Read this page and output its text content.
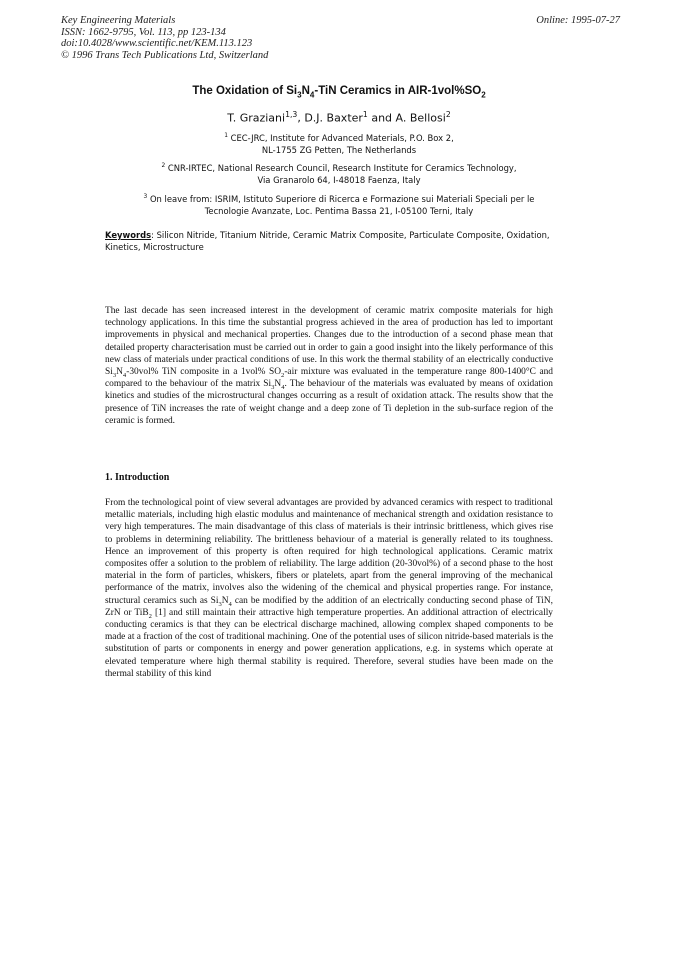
Key Engineering Materials
ISSN: 1662-9795, Vol. 113, pp 123-134
doi:10.4028/www.scientific.net/KEM.113.123
© 1996 Trans Tech Publications Ltd, Switzerland
Online: 1995-07-27
The Oxidation of $Si_3N_4$-TiN Ceramics in AIR-$1vol\%SO_2$
T. Graziani$^{1,3}$, D.J. Baxter$^1$ and A. Bellosi$^2$
$^1$ CEC-JRC, Institute for Advanced Materials, P.O. Box 2,
NL-1755 ZG Petten, The Netherlands
$^2$ CNR-IRTEC, National Research Council, Research Institute for Ceramics Technology,
Via Granarolo 64, I-48018 Faenza, Italy
$^3$ On leave from: ISRIM, Istituto Superiore di Ricerca e Formazione sui Materiali Speciali per le
Tecnologie Avanzate, Loc. Pentima Bassa 21, I-05100 Terni, Italy
Keywords: Silicon Nitride, Titanium Nitride, Ceramic Matrix Composite, Particulate Composite, Oxidation, Kinetics, Microstructure

The last decade has seen increased interest in the development of ceramic matrix composite materials for high technology applications. In this time the substantial progress achieved in the area of production has led to important improvements in physical and mechanical properties. Changes due to the introduction of a second phase mean that detailed property characterisation must be carried out in order to gain a good insight into the likely performance of this new class of materials under practical conditions of use. In this work the thermal stability of an electrically conductive $Si_3N_4-30vol\%$ TiN composite in a 1vol% $SO_2$-air mixture was evaluated in the temperature range 800-1400°C and compared to the behaviour of the matrix $Si_3N_4$. The behaviour of the materials was evaluated by means of oxidation kinetics and studies of the microstructural changes occurring as a result of oxidation attack. The results show that the presence of TiN increases the rate of weight change and a deep zone of Ti depletion in the sub-surface region of the ceramic is formed.

1. Introduction

From the technological point of view several advantages are provided by advanced ceramics with respect to traditional metallic materials, including high elastic modulus and maintenance of mechanical strength and oxidation resistance to very high temperatures. The main disadvantage of this class of materials is their intrinsic brittleness, which gives rise to problems in determining reliability. The brittleness behaviour of a material is generally related to its toughness. Hence an improvement of this property is often required for high technological applications. Ceramic matrix composites offer a solution to the problem of reliability. The large addition (20-30vol%) of a second phase to the host material in the form of particles, whiskers, fibers or platelets, apart from the general improving of the mechanical performance of the matrix, involves also the widening of the chemical and physical properties range. For instance, structural ceramics such as $Si_3N_4$ can be modified by the addition of an electrically conducting second phase of TiN, ZrN or TiB$_2$ [1] and still maintain their attractive high temperature properties. An additional attraction of electrically conducting ceramics is that they can be electrical discharge machined, allowing complex shaped components to be made at a fraction of the cost of traditional machining. One of the potential uses of silicon nitride-based materials is the substitution of parts or components in energy and power generation applications, e.g. in systems which operate at elevated temperature where high thermal stability is required. Therefore, several studies have been made on the thermal stability of this kind
